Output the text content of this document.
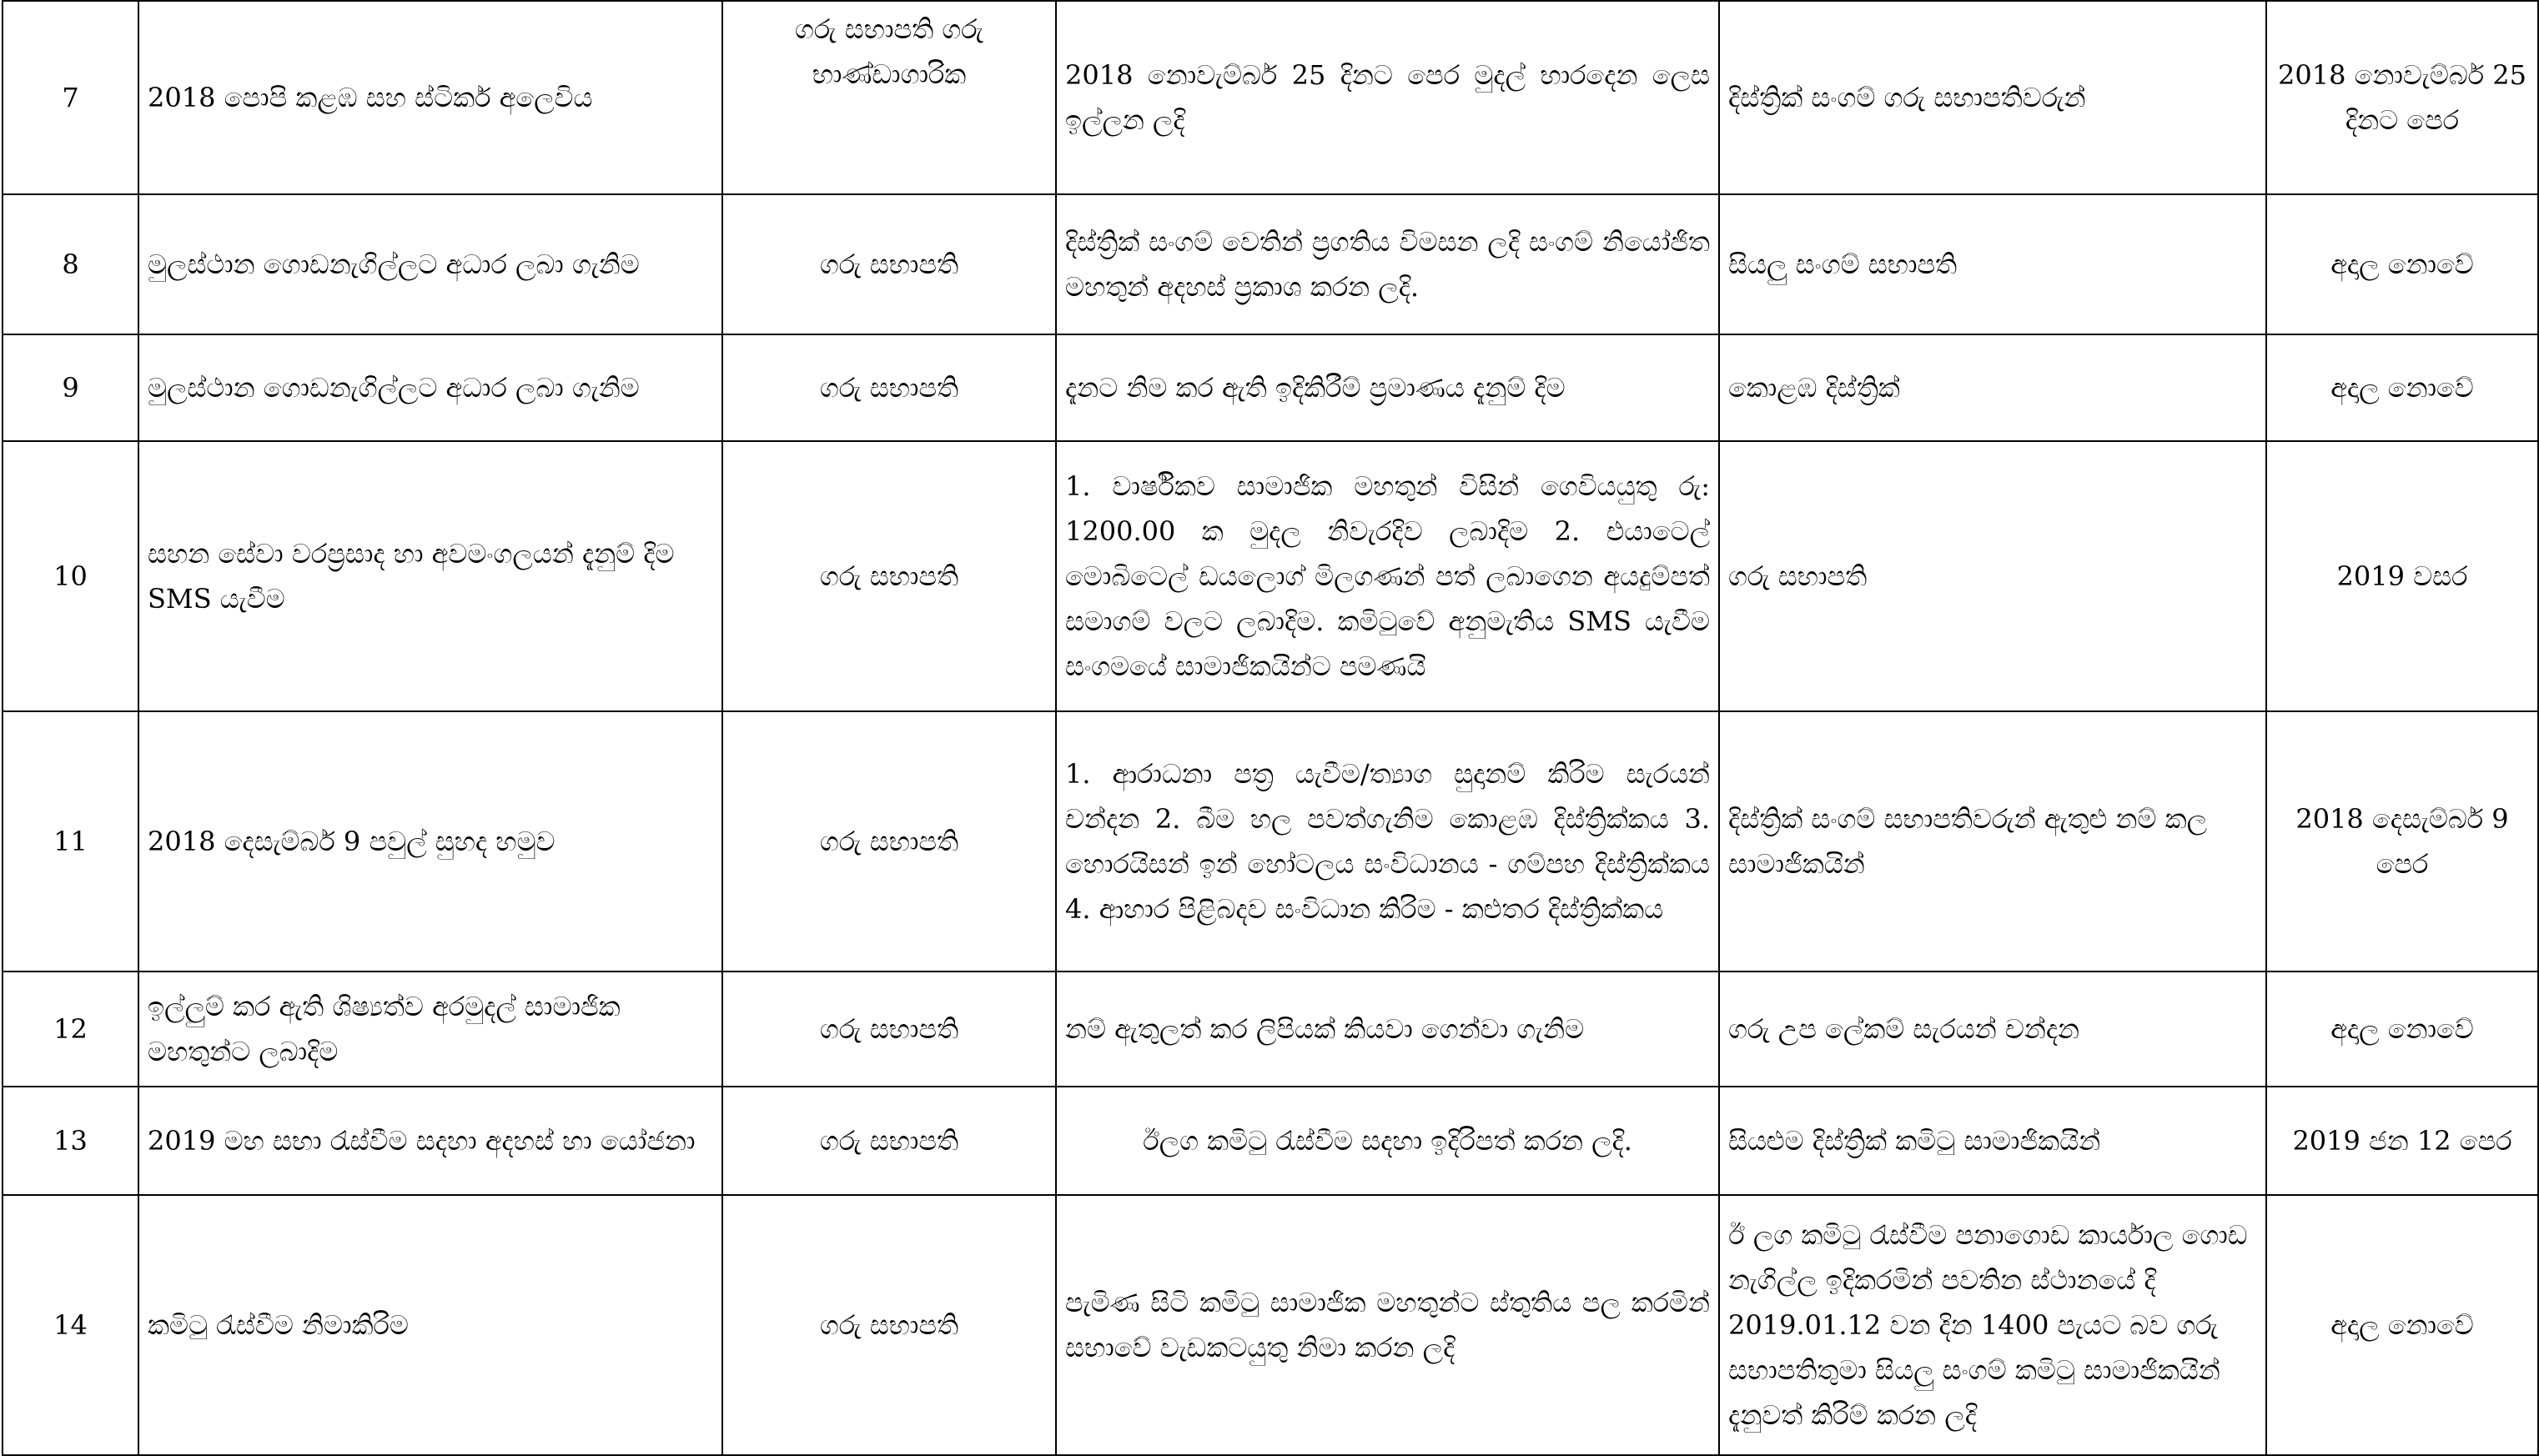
7	2018 පොපි කළඹ සහ ස්ටිකර් අලෙවිය	ගරු සභාපති ගරු
භාණ්ඩාගාරික	2018 නොවැම්බර් 25 දිනට පෙර මුදල් භාරදෙන ලෙස ඉල්ලන ලදි	දිස්ත්‍රික් සංගම් ගරු සභාපතිවරුන්	2018 නොවැම්බර් 25 දිනට පෙර
8	මුලස්ථාන ගොඩනැගිල්ලට අධාර ලබා ගැනිම	ගරු සභාපති	දිස්ත්‍රික් සංගම් වෙතින් ප්‍රගතිය විමසන ලදි සංගම් නියෝජිත මහතුන් අදහස් ප්‍රකාශ කරන ලදි.	සියලු සංගම් සභාපති	අදාල නොවේ
9	මුලස්ථාන ගොඩනැගිල්ලට අධාර ලබා ගැනිම	ගරු සභාපති	දැනට නිම කර ඇති ඉදිකිරීම් ප්‍රමාණය දැනුම් දිම	කොළඹ දිස්ත්‍රික්	අදාල නොවේ
10	සහන සේවා වරප්‍රසාද හා අවමංගලයන් දැනුම් දිම SMS යැවීම	ගරු සභාපති	1. වාර්ෂිකව සාමාජික මහතුන් විසින් ගෙවියයුතු රු: 1200.00 ක මුදල නිවැරදිව ලබාදිම 2. එයාටෙල් මොබිටෙල් ඩයලොග් මිලගණන් පත් ලබාගෙන අයදුම්පත් සමාගම් වලට ලබාදිම. කමිටුවේ අනුමැතිය SMS යැවීම සංගමයේ සාමාජිකයින්ට පමණයි	ගරු සභාපති	2019 වසර
11	2018 දෙසැම්බර් 9 පවුල් සුහද හමුව	ගරු සභාපති	1. ආරාධනා පත්‍ර යැවීම/ත්‍යාග සුදානම් කිරිම සැරයන් චන්දන 2. බීම හල පවත්ගැනිම කොළඹ දිස්ත්‍රික්කය 3. හොරයිසන් ඉන් හෝටලය සංවිධානය - ගම්පහ දිස්ත්‍රික්කය 4. ආහාර පිළිබදව සංවිධාන කිරිම - කළුතර දිස්ත්‍රික්කය	දිස්ත්‍රික් සංගම් සභාපතිවරුන් ඇතුළු නම් කල සාමාජිකයින්	2018 දෙසැම්බර් 9 පෙර
12	ඉල්ලුම් කර ඇති ශිෂ්‍යත්ව අරමුදල් සාමාජික මහතුන්ට ලබාදිම	ගරු සභාපති	නම් ඇතුලත් කර ලිපියක් කියවා ගෙන්වා ගැනිම	ගරු උප ලේකම් සැරයන් චන්දන	අදාල නොවේ
13	2019 මහ සභා රැස්වීම සදහා අදහස් හා යෝජනා	ගරු සභාපති	ඊලග කමිටු රැස්වීම සදහා ඉදිරිපත් කරන ලදි.	සියළුම දිස්ත්‍රික් කමිටු සාමාජිකයින්	2019 ජන 12 පෙර
14	කමිටු රැස්වීම නිමාකිරිම	ගරු සභාපති	පැමිණ සිටි කමිටු සාමාජික මහතුන්ට ස්තුතිය පල කරමින් සභාවේ වැඩකටයුතු නිමා කරන ලදි	ඊ ලග කමිටු රැස්වීම පනාගොඩ කාර්යාල ගොඩ නැගිල්ල ඉදිකරමින් පවතින ස්ථානයේ දි 2019.01.12 වන දින 1400 පැයට බව ගරු සභාපතිතුමා සියලු සංගම් කමිටු සාමාජිකයින් දැනුවත් කිරිම් කරන ලදි	අදාල නොවේ
